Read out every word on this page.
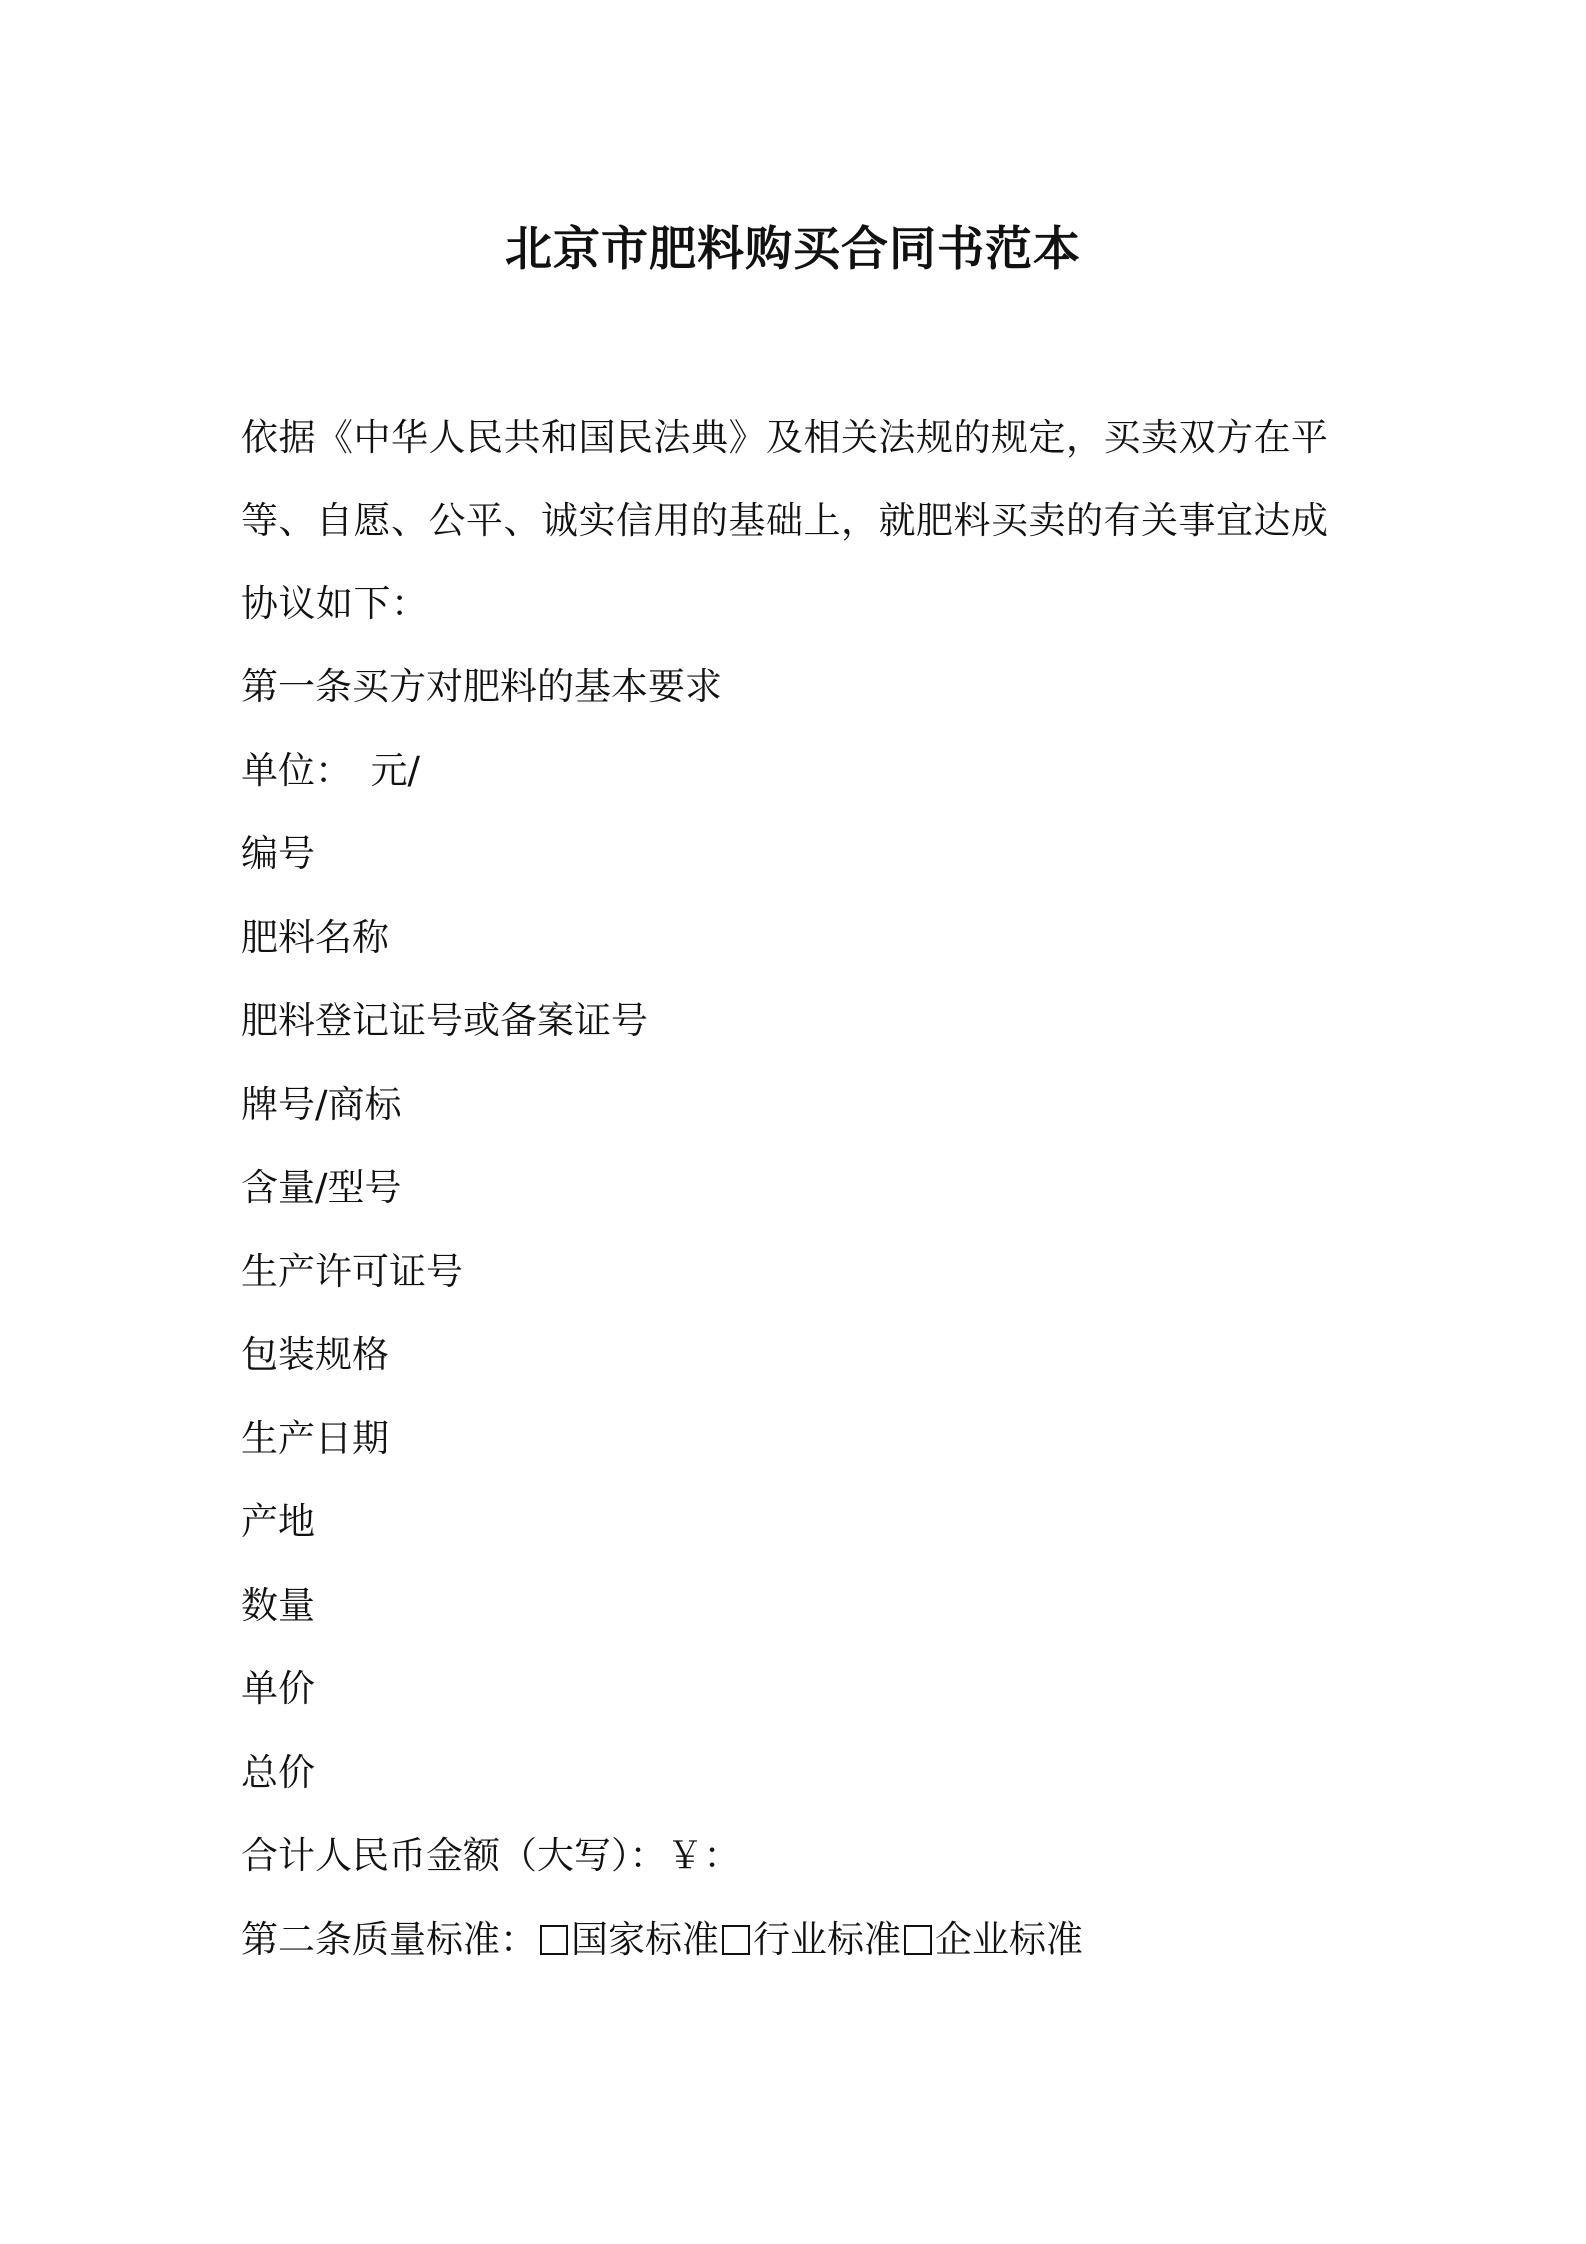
北京市肥料购买合同书范本

依据《中华人民共和国民法典》及相关法规的规定，买卖双方在平等、自愿、公平、诚实信用的基础上，就肥料买卖的有关事宜达成协议如下：

第一条买方对肥料的基本要求
单位：　元/
编号
肥料名称
肥料登记证号或备案证号
牌号/商标
含量/型号
生产许可证号
包装规格
生产日期
产地
数量
单价
总价
合计人民币金额（大写）：￥：
第二条质量标准： 国家标准 行业标准 企业标准
